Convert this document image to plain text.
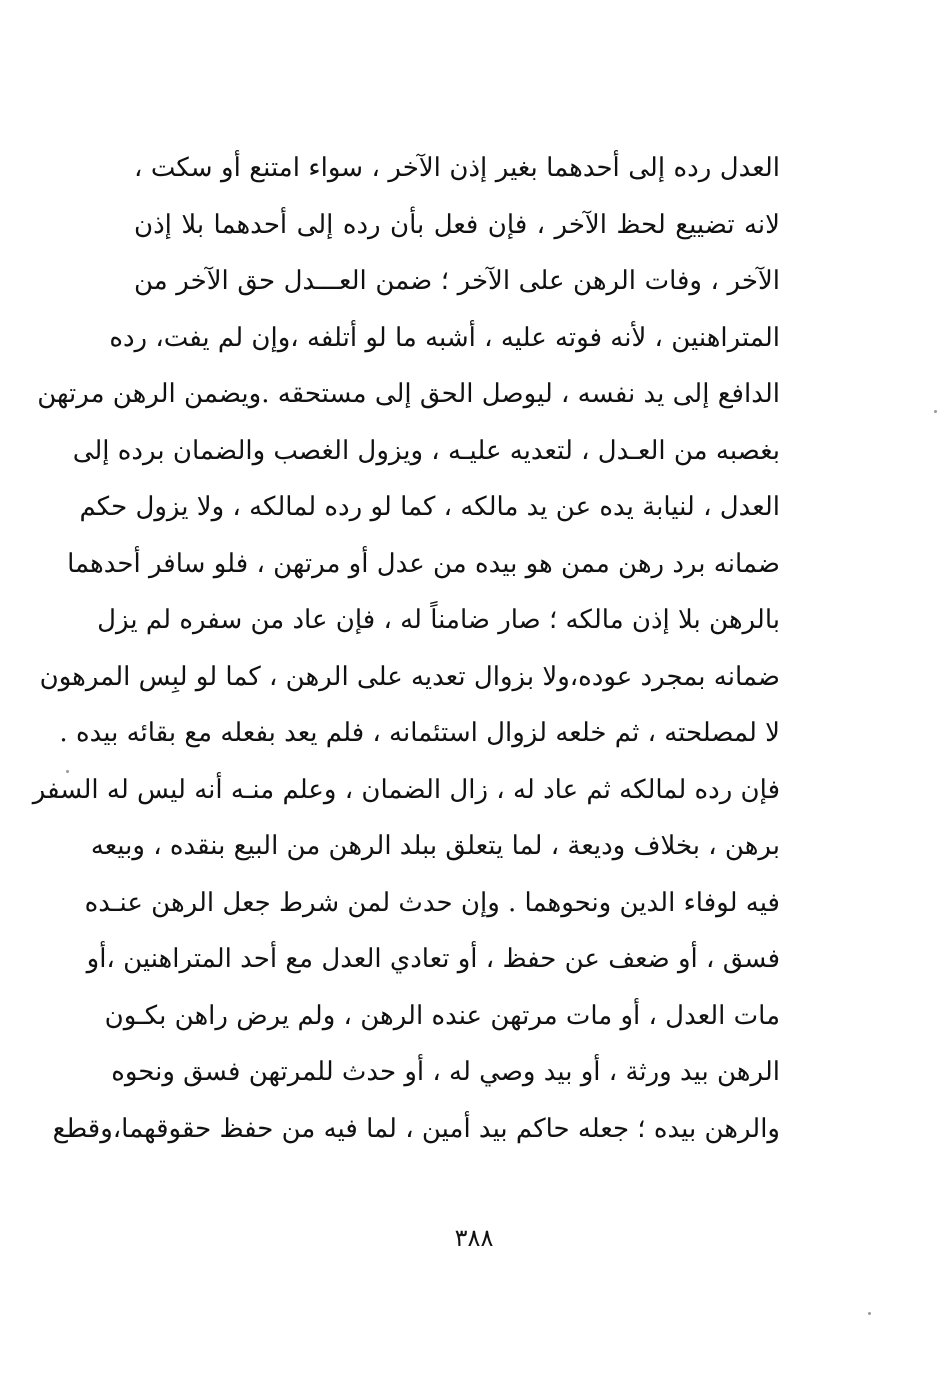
العدل رده إلى أحدهما بغير إذن الآخر ، سواء امتنع أو سكت ،
لانه تضييع لحظ الآخر ، فإن فعل بأن رده إلى أحدهما بلا إذن
الآخر ، وفات الرهن على الآخر ؛ ضمن العـــدل حق الآخر من
المتراهنين ، لأنه فوته عليه ، أشبه ما لو أتلفه ،وإن لم يفت، رده
الدافع إلى يد نفسه ، ليوصل الحق إلى مستحقه .ويضمن الرهن مرتهن
بغصبه من العـدل ، لتعديه عليـه ، ويزول الغصب والضمان برده إلى
العدل ، لنيابة يده عن يد مالكه ، كما لو رده لمالكه ، ولا يزول حكم
ضمانه برد رهن ممن هو بيده من عدل أو مرتهن ، فلو سافر أحدهما
بالرهن بلا إذن مالكه ؛ صار ضامناً له ، فإن عاد من سفره لم يزل
ضمانه بمجرد عوده،ولا بزوال تعديه على الرهن ، كما لو لبِس المرهون
لا لمصلحته ، ثم خلعه لزوال استئمانه ، فلم يعد بفعله مع بقائه بيده .
فإن رده لمالكه ثم عاد له ، زال الضمان ، وعلم منـه أنه ليس له السفر
برهن ، بخلاف وديعة ، لما يتعلق ببلد الرهن من البيع بنقده ، وبيعه
فيه لوفاء الدين ونحوهما . وإن حدث لمن شرط جعل الرهن عنـده
فسق ، أو ضعف عن حفظ ، أو تعادي العدل مع أحد المتراهنين ،أو
مات العدل ، أو مات مرتهن عنده الرهن ، ولم يرض راهن بكـون
الرهن بيد ورثة ، أو بيد وصي له ، أو حدث للمرتهن فسق ونحوه
والرهن بيده ؛ جعله حاكم بيد أمين ، لما فيه من حفظ حقوقهما،وقطع
٣٨٨
